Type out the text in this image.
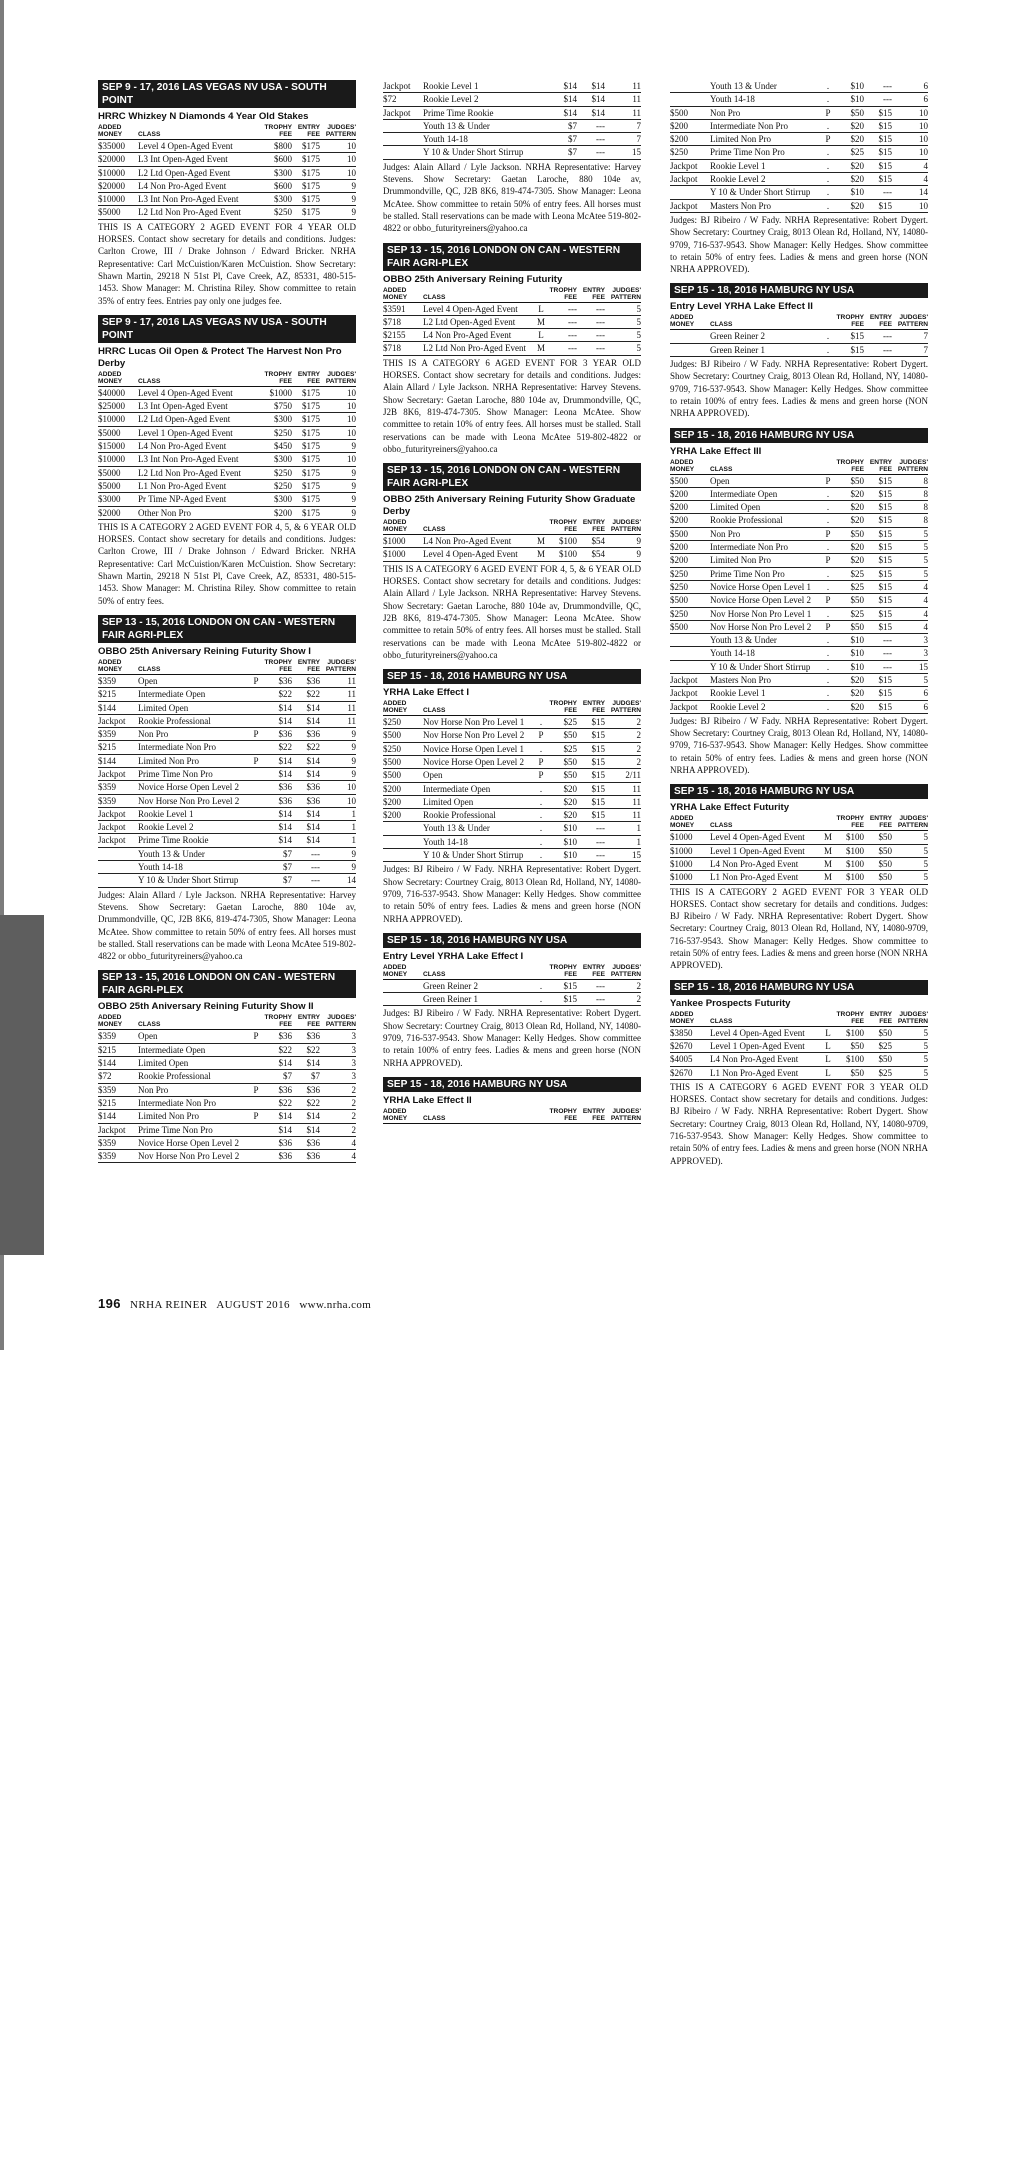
EVENT APPROVALS
SEP 9 - 17, 2016 LAS VEGAS NV USA - SOUTH POINT
HRRC Whizkey N Diamonds 4 Year Old Stakes
ADDED		TROPHY		ENTRY	JUDGES'
MONEY	CLASS		FEE	FEE	PATTERN
$35000	Level 4 Open-Aged Event		$800	$175	10
$20000	L3 Int Open-Aged Event		$600	$175	10
$10000	L2 Ltd Open-Aged Event		$300	$175	10
$20000	L4 Non Pro-Aged Event		$600	$175	9
$10000	L3 Int Non Pro-Aged Event		$300	$175	9
$5000	L2 Ltd Non Pro-Aged Event		$250	$175	9

THIS IS A CATEGORY 2 AGED EVENT FOR 4 YEAR OLD HORSES. Contact show secretary for details and conditions. Judges: Carlton Crowe, III / Drake Johnson / Edward Bricker. NRHA Representative: Carl McCuistion/Karen McCuistion. Show Secretary: Shawn Martin, 29218 N 51st Pl, Cave Creek, AZ, 85331, 480-515-1453. Show Manager: M. Christina Riley. Show committee to retain 35% of entry fees. Entries pay only one judges fee.

SEP 9 - 17, 2016 LAS VEGAS NV USA - SOUTH POINT
HRRC Lucas Oil Open & Protect The Harvest Non Pro Derby
ADDED		TROPHY		ENTRY	JUDGES'
MONEY	CLASS		FEE	FEE	PATTERN
$40000	Level 4 Open-Aged Event		$1000	$175	10
$25000	L3 Int Open-Aged Event		$750	$175	10
$10000	L2 Ltd Open-Aged Event		$300	$175	10
$5000	Level 1 Open-Aged Event		$250	$175	10
$15000	L4 Non Pro-Aged Event		$450	$175	9
$10000	L3 Int Non Pro-Aged Event		$300	$175	10
$5000	L2 Ltd Non Pro-Aged Event		$250	$175	9
$5000	L1 Non Pro-Aged Event		$250	$175	9
$3000	Pr Time NP-Aged Event		$300	$175	9
$2000	Other Non Pro		$200	$175	9

THIS IS A CATEGORY 2 AGED EVENT FOR 4, 5, & 6 YEAR OLD HORSES. Contact show secretary for details and conditions. Judges: Carlton Crowe, III / Drake Johnson / Edward Bricker. NRHA Representative: Carl McCuistion/Karen McCuistion. Show Secretary: Shawn Martin, 29218 N 51st Pl, Cave Creek, AZ, 85331, 480-515-1453. Show Manager: M. Christina Riley. Show committee to retain 50% of entry fees.

SEP 13 - 15, 2016 LONDON ON CAN - WESTERN FAIR AGRI-PLEX
OBBO 25th Aniversary Reining Futurity Show I
ADDED		TROPHY		ENTRY	JUDGES'
MONEY	CLASS		FEE	FEE	PATTERN
$359	Open	P	$36	$36	11
$215	Intermediate Open		$22	$22	11
$144	Limited Open		$14	$14	11
Jackpot	Rookie Professional		$14	$14	11
$359	Non Pro	P	$36	$36	9
$215	Intermediate Non Pro		$22	$22	9
$144	Limited Non Pro	P	$14	$14	9
Jackpot	Prime Time Non Pro		$14	$14	9
$359	Novice Horse Open Level 2		$36	$36	10
$359	Nov Horse Non Pro Level 2		$36	$36	10
Jackpot	Rookie Level 1		$14	$14	1
Jackpot	Rookie Level 2		$14	$14	1
Jackpot	Prime Time Rookie		$14	$14	1
	Youth 13 & Under		$7	---	9
	Youth 14-18		$7	---	9
	Y 10 & Under Short Stirrup		$7	---	14

Judges: Alain Allard / Lyle Jackson. NRHA Representative: Harvey Stevens. Show Secretary: Gaetan Laroche, 880 104e av, Drummondville, QC, J2B 8K6, 819-474-7305, Show Manager: Leona McAtee. Show committee to retain 50% of entry fees. All horses must be stalled. Stall reservations can be made with Leona McAtee 519-802-4822 or obbo_futurityreiners@yahoo.ca

SEP 13 - 15, 2016 LONDON ON CAN - WESTERN FAIR AGRI-PLEX
OBBO 25th Aniversary Reining Futurity Show II
ADDED		TROPHY		ENTRY	JUDGES'
MONEY	CLASS		FEE	FEE	PATTERN
$359	Open	P	$36	$36	3
$215	Intermediate Open		$22	$22	3
$144	Limited Open		$14	$14	3
$72	Rookie Professional		$7	$7	3
$359	Non Pro	P	$36	$36	2
$215	Intermediate Non Pro		$22	$22	2
$144	Limited Non Pro	P	$14	$14	2
Jackpot	Prime Time Non Pro		$14	$14	2
$359	Novice Horse Open Level 2		$36	$36	4
$359	Nov Horse Non Pro Level 2		$36	$36	4
Jackpot	Rookie Level 1		$14	$14	11
$72	Rookie Level 2		$14	$14	11
Jackpot	Prime Time Rookie		$14	$14	11
	Youth 13 & Under		$7	---	7
	Youth 14-18		$7	---	7
	Y 10 & Under Short Stirrup		$7	---	15

Judges: Alain Allard / Lyle Jackson. NRHA Representative: Harvey Stevens. Show Secretary: Gaetan Laroche, 880 104e av, Drummondville, QC, J2B 8K6, 819-474-7305. Show Manager: Leona McAtee. Show committee to retain 50% of entry fees. All horses must be stalled. Stall reservations can be made with Leona McAtee 519-802-4822 or obbo_futurityreiners@yahoo.ca

SEP 13 - 15, 2016 LONDON ON CAN - WESTERN FAIR AGRI-PLEX
OBBO 25th Aniversary Reining Futurity
ADDED		TROPHY		ENTRY	JUDGES'
MONEY	CLASS		FEE	FEE	PATTERN
$3591	Level 4 Open-Aged Event	L	---	---	5
$718	L2 Ltd Open-Aged Event	M	---	---	5
$2155	L4 Non Pro-Aged Event	L	---	---	5
$718	L2 Ltd Non Pro-Aged Event	M	---	---	5

THIS IS A CATEGORY 6 AGED EVENT FOR 3 YEAR OLD HORSES. Contact show secretary for details and conditions. Judges: Alain Allard / Lyle Jackson. NRHA Representative: Harvey Stevens. Show Secretary: Gaetan Laroche, 880 104e av, Drummondville, QC, J2B 8K6, 819-474-7305. Show Manager: Leona McAtee. Show committee to retain 10% of entry fees. All horses must be stalled. Stall reservations can be made with Leona McAtee 519-802-4822 or obbo_futurityreiners@yahoo.ca

SEP 13 - 15, 2016 LONDON ON CAN - WESTERN FAIR AGRI-PLEX
OBBO 25th Aniversary Reining Futurity Show Graduate Derby
ADDED		TROPHY		ENTRY	JUDGES'
MONEY	CLASS		FEE	FEE	PATTERN
$1000	L4 Non Pro-Aged Event	M	$100	$54	9
$1000	Level 4 Open-Aged Event	M	$100	$54	9

THIS IS A CATEGORY 6 AGED EVENT FOR 4, 5, & 6 YEAR OLD HORSES. Contact show secretary for details and conditions. Judges: Alain Allard / Lyle Jackson. NRHA Representative: Harvey Stevens. Show Secretary: Gaetan Laroche, 880 104e av, Drummondville, QC, J2B 8K6, 819-474-7305. Show Manager: Leona McAtee. Show committee to retain 50% of entry fees. All horses must be stalled. Stall reservations can be made with Leona McAtee 519-802-4822 or obbo_futurityreiners@yahoo.ca

SEP 15 - 18, 2016 HAMBURG NY USA
YRHA Lake Effect I
ADDED		TROPHY		ENTRY	JUDGES'
MONEY	CLASS		FEE	FEE	PATTERN
$250	Nov Horse Non Pro Level 1	.	$25	$15	2
$500	Nov Horse Non Pro Level 2	P	$50	$15	2
$250	Novice Horse Open Level 1	.	$25	$15	2
$500	Novice Horse Open Level 2	P	$50	$15	2
$500	Open	P	$50	$15	2/11
$200	Intermediate Open	.	$20	$15	11
$200	Limited Open	.	$20	$15	11
$200	Rookie Professional	.	$20	$15	11
	Youth 13 & Under	.	$10	---	1
	Youth 14-18	.	$10	---	1
	Y 10 & Under Short Stirrup	.	$10	---	15

Judges: BJ Ribeiro / W Fady. NRHA Representative: Robert Dygert. Show Secretary: Courtney Craig, 8013 Olean Rd, Holland, NY, 14080-9709, 716-537-9543. Show Manager: Kelly Hedges. Show committee to retain 50% of entry fees. Ladies & mens and green horse (NON NRHA APPROVED).

SEP 15 - 18, 2016 HAMBURG NY USA
Entry Level YRHA Lake Effect I
ADDED		TROPHY		ENTRY	JUDGES'
MONEY	CLASS		FEE	FEE	PATTERN
	Green Reiner 2	.	$15	---	2
	Green Reiner 1	.	$15	---	2

Judges: BJ Ribeiro / W Fady. NRHA Representative: Robert Dygert. Show Secretary: Courtney Craig, 8013 Olean Rd, Holland, NY, 14080-9709, 716-537-9543. Show Manager: Kelly Hedges. Show committee to retain 100% of entry fees. Ladies & mens and green horse (NON NRHA APPROVED).

SEP 15 - 18, 2016 HAMBURG NY USA
YRHA Lake Effect II
ADDED		TROPHY		ENTRY	JUDGES'
MONEY	CLASS		FEE	FEE	PATTERN
	Youth 13 & Under	.	$10	---	6
	Youth 14-18	.	$10	---	6
$500	Non Pro	P	$50	$15	10
$200	Intermediate Non Pro	.	$20	$15	10
$200	Limited Non Pro	P	$20	$15	10
$250	Prime Time Non Pro	.	$25	$15	10
Jackpot	Rookie Level 1	.	$20	$15	4
Jackpot	Rookie Level 2	.	$20	$15	4
	Y 10 & Under Short Stirrup	.	$10	---	14
Jackpot	Masters Non Pro	.	$20	$15	10

Judges: BJ Ribeiro / W Fady. NRHA Representative: Robert Dygert. Show Secretary: Courtney Craig, 8013 Olean Rd, Holland, NY, 14080-9709, 716-537-9543. Show Manager: Kelly Hedges. Show committee to retain 50% of entry fees. Ladies & mens and green horse (NON NRHA APPROVED).

SEP 15 - 18, 2016 HAMBURG NY USA
Entry Level YRHA Lake Effect II
ADDED		TROPHY		ENTRY	JUDGES'
MONEY	CLASS		FEE	FEE	PATTERN
	Green Reiner 2	.	$15	---	7
	Green Reiner 1	.	$15	---	7

Judges: BJ Ribeiro / W Fady. NRHA Representative: Robert Dygert. Show Secretary: Courtney Craig, 8013 Olean Rd, Holland, NY, 14080-9709, 716-537-9543. Show Manager: Kelly Hedges. Show committee to retain 100% of entry fees. Ladies & mens and green horse (NON NRHA APPROVED).

SEP 15 - 18, 2016 HAMBURG NY USA
YRHA Lake Effect III
ADDED		TROPHY		ENTRY	JUDGES'
MONEY	CLASS		FEE	FEE	PATTERN
$500	Open	P	$50	$15	8
$200	Intermediate Open	.	$20	$15	8
$200	Limited Open	.	$20	$15	8
$200	Rookie Professional	.	$20	$15	8
$500	Non Pro	P	$50	$15	5
$200	Intermediate Non Pro	.	$20	$15	5
$200	Limited Non Pro	P	$20	$15	5
$250	Prime Time Non Pro	.	$25	$15	5
$250	Novice Horse Open Level 1	.	$25	$15	4
$500	Novice Horse Open Level 2	P	$50	$15	4
$250	Nov Horse Non Pro Level 1	.	$25	$15	4
$500	Nov Horse Non Pro Level 2	P	$50	$15	4
	Youth 13 & Under	.	$10	---	3
	Youth 14-18	.	$10	---	3
	Y 10 & Under Short Stirrup	.	$10	---	15
Jackpot	Masters Non Pro	.	$20	$15	5
Jackpot	Rookie Level 1	.	$20	$15	6
Jackpot	Rookie Level 2	.	$20	$15	6

Judges: BJ Ribeiro / W Fady. NRHA Representative: Robert Dygert. Show Secretary: Courtney Craig, 8013 Olean Rd, Holland, NY, 14080-9709, 716-537-9543. Show Manager: Kelly Hedges. Show committee to retain 50% of entry fees. Ladies & mens and green horse (NON NRHA APPROVED).

SEP 15 - 18, 2016 HAMBURG NY USA
YRHA Lake Effect Futurity
ADDED		TROPHY		ENTRY	JUDGES'
MONEY	CLASS		FEE	FEE	PATTERN
$1000	Level 4 Open-Aged Event	M	$100	$50	5
$1000	Level 1 Open-Aged Event	M	$100	$50	5
$1000	L4 Non Pro-Aged Event	M	$100	$50	5
$1000	L1 Non Pro-Aged Event	M	$100	$50	5

THIS IS A CATEGORY 2 AGED EVENT FOR 3 YEAR OLD HORSES. Contact show secretary for details and conditions. Judges: BJ Ribeiro / W Fady. NRHA Representative: Robert Dygert. Show Secretary: Courtney Craig, 8013 Olean Rd, Holland, NY, 14080-9709, 716-537-9543. Show Manager: Kelly Hedges. Show committee to retain 50% of entry fees. Ladies & mens and green horse (NON NRHA APPROVED).

SEP 15 - 18, 2016 HAMBURG NY USA
Yankee Prospects Futurity
ADDED		TROPHY		ENTRY	JUDGES'
MONEY	CLASS		FEE	FEE	PATTERN
$3850	Level 4 Open-Aged Event	L	$100	$50	5
$2670	Level 1 Open-Aged Event	L	$50	$25	5
$4005	L4 Non Pro-Aged Event	L	$100	$50	5
$2670	L1 Non Pro-Aged Event	L	$50	$25	5

THIS IS A CATEGORY 6 AGED EVENT FOR 3 YEAR OLD HORSES. Contact show secretary for details and conditions. Judges: BJ Ribeiro / W Fady. NRHA Representative: Robert Dygert. Show Secretary: Courtney Craig, 8013 Olean Rd, Holland, NY, 14080-9709, 716-537-9543. Show Manager: Kelly Hedges. Show committee to retain 50% of entry fees. Ladies & mens and green horse (NON NRHA APPROVED).

196 NRHA REINER   AUGUST 2016   www.nrha.com
